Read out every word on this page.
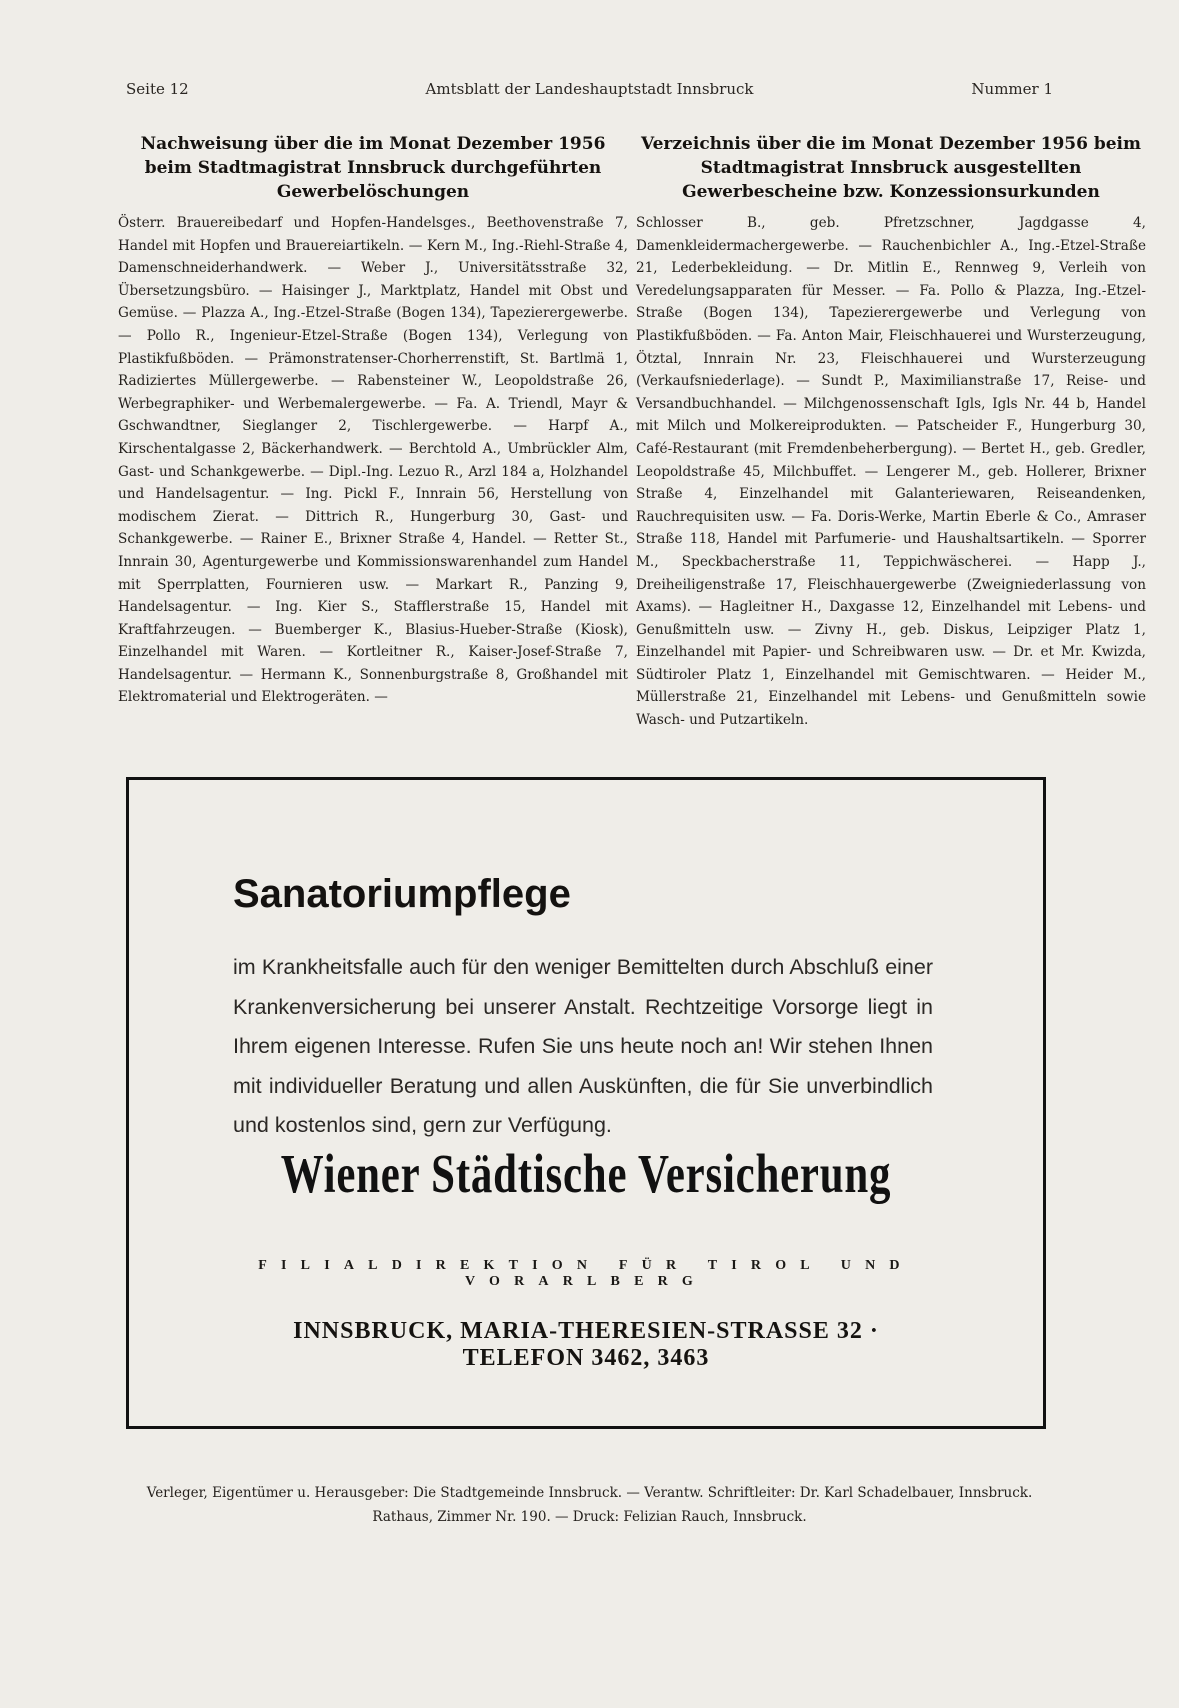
Seite 12	Amtsblatt der Landeshauptstadt Innsbruck	Nummer 1
Nachweisung über die im Monat Dezember 1956 beim Stadtmagistrat Innsbruck durchgeführten Gewerbelöschungen

Österr. Brauereibedarf und Hopfen-Handelsges., Beethovenstraße 7, Handel mit Hopfen und Brauereiartikeln. — Kern M., Ing.-Riehl-Straße 4, Damenschneiderhandwerk. — Weber J., Universitätsstraße 32, Übersetzungsbüro. — Haisinger J., Marktplatz, Handel mit Obst und Gemüse. — Plazza A., Ing.-Etzel-Straße (Bogen 134), Tapezierergewerbe. — Pollo R., Ingenieur-Etzel-Straße (Bogen 134), Verlegung von Plastikfußböden. — Prämonstratenser-Chorherrenstift, St. Bartlmä 1, Radiziertes Müllergewerbe. — Rabensteiner W., Leopoldstraße 26, Werbegraphiker- und Werbemalergewerbe. — Fa. A. Triendl, Mayr & Gschwandtner, Sieglanger 2, Tischlergewerbe. — Harpf A., Kirschentalgasse 2, Bäckerhandwerk. — Berchtold A., Umbrückler Alm, Gast- und Schankgewerbe. — Dipl.-Ing. Lezuo R., Arzl 184 a, Holzhandel und Handelsagentur. — Ing. Pickl F., Innrain 56, Herstellung von modischem Zierat. — Dittrich R., Hungerburg 30, Gast- und Schankgewerbe. — Rainer E., Brixner Straße 4, Handel. — Retter St., Innrain 30, Agenturgewerbe und Kommissionswarenhandel zum Handel mit Sperrplatten, Fournieren usw. — Markart R., Panzing 9, Handelsagentur. — Ing. Kier S., Stafflerstraße 15, Handel mit Kraftfahrzeugen. — Buemberger K., Blasius-Hueber-Straße (Kiosk), Einzelhandel mit Waren. — Kortleitner R., Kaiser-Josef-Straße 7, Handelsagentur. — Hermann K., Sonnenburgstraße 8, Großhandel mit Elektromaterial und Elektrogeräten. —

Verzeichnis über die im Monat Dezember 1956 beim Stadtmagistrat Innsbruck ausgestellten Gewerbescheine bzw. Konzessionsurkunden

Schlosser B., geb. Pfretzschner, Jagdgasse 4, Damenkleidermachergewerbe. — Rauchenbichler A., Ing.-Etzel-Straße 21, Lederbekleidung. — Dr. Mitlin E., Rennweg 9, Verleih von Veredelungsapparaten für Messer. — Fa. Pollo & Plazza, Ing.-Etzel-Straße (Bogen 134), Tapezierergewerbe und Verlegung von Plastikfußböden. — Fa. Anton Mair, Fleischhauerei und Wursterzeugung, Ötztal, Innrain Nr. 23, Fleischhauerei und Wursterzeugung (Verkaufsniederlage). — Sundt P., Maximilianstraße 17, Reise- und Versandbuchhandel. — Milchgenossenschaft Igls, Igls Nr. 44 b, Handel mit Milch und Molkereiprodukten. — Patscheider F., Hungerburg 30, Café-Restaurant (mit Fremdenbeherbergung). — Bertet H., geb. Gredler, Leopoldstraße 45, Milchbuffet. — Lengerer M., geb. Hollerer, Brixner Straße 4, Einzelhandel mit Galanteriewaren, Reiseandenken, Rauchrequisiten usw. — Fa. Doris-Werke, Martin Eberle & Co., Amraser Straße 118, Handel mit Parfumerie- und Haushaltsartikeln. — Sporrer M., Speckbacherstraße 11, Teppichwäscherei. — Happ J., Dreiheiligenstraße 17, Fleischhauergewerbe (Zweigniederlassung von Axams). — Hagleitner H., Daxgasse 12, Einzelhandel mit Lebens- und Genußmitteln usw. — Zivny H., geb. Diskus, Leipziger Platz 1, Einzelhandel mit Papier- und Schreibwaren usw. — Dr. et Mr. Kwizda, Südtiroler Platz 1, Einzelhandel mit Gemischtwaren. — Heider M., Müllerstraße 21, Einzelhandel mit Lebens- und Genußmitteln sowie Wasch- und Putzartikeln.

Sanatoriumpflege
im Krankheitsfalle auch für den weniger Bemittelten durch Abschluß einer Krankenversicherung bei unserer Anstalt. Rechtzeitige Vorsorge liegt in Ihrem eigenen Interesse. Rufen Sie uns heute noch an! Wir stehen Ihnen mit individueller Beratung und allen Auskünften, die für Sie unverbindlich und kostenlos sind, gern zur Verfügung.
Wiener Städtische Versicherung
FILIALDIREKTION FÜR TIROL UND VORARLBERG
INNSBRUCK, MARIA-THERESIEN-STRASSE 32 · TELEFON 3462, 3463
Verleger, Eigentümer u. Herausgeber: Die Stadtgemeinde Innsbruck. — Verantw. Schriftleiter: Dr. Karl Schadelbauer, Innsbruck.
Rathaus, Zimmer Nr. 190. — Druck: Felizian Rauch, Innsbruck.
